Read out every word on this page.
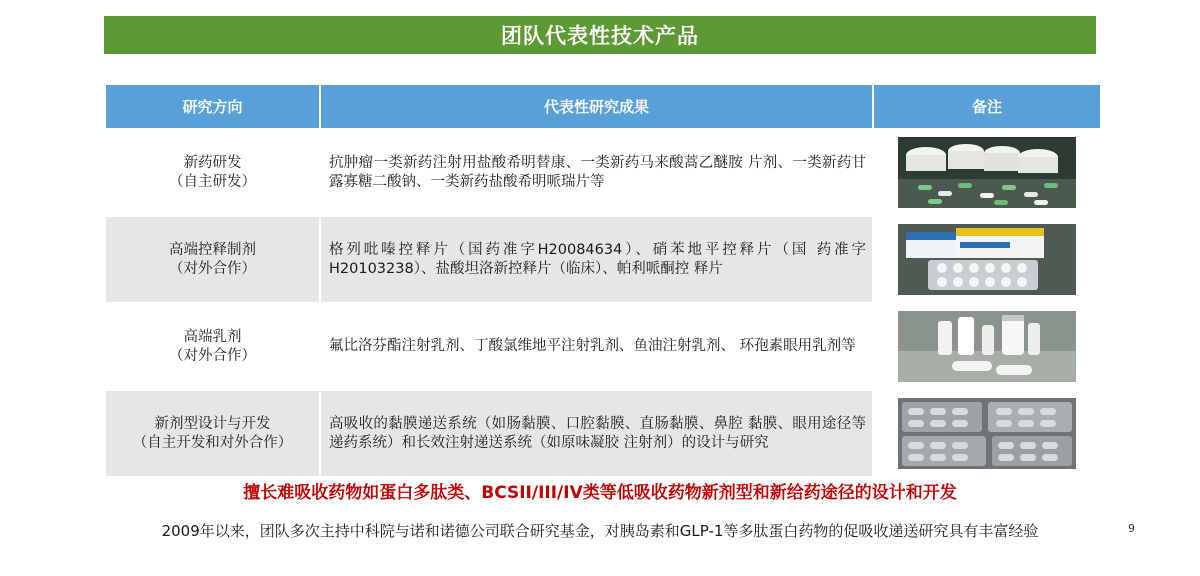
团队代表性技术产品
研究方向	代表性研究成果	备注

新药研发
（自主研发）	抗肿瘤一类新药注射用盐酸希明替康、一类新药马来酸蒿乙醚胺 片剂、一类新药甘露寡糖二酸钠、一类新药盐酸希明哌瑞片等	

高端控释制剂
（对外合作）	格列吡嗪控释片（国药准字H20084634）、硝苯地平控释片（国 药准字H20103238）、盐酸坦洛新控释片（临床）、帕利哌酮控 释片	

高端乳剂
（对外合作）	氟比洛芬酯注射乳剂、丁酸氯维地平注射乳剂、鱼油注射乳剂、 环孢素眼用乳剂等	

新剂型设计与开发
（自主开发和对外合作）	高吸收的黏膜递送系统（如肠黏膜、口腔黏膜、直肠黏膜、鼻腔 黏膜、眼用途径等递药系统）和长效注射递送系统（如原味凝胶 注射剂）的设计与研究	
擅长难吸收药物如蛋白多肽类、BCSII/III/IV类等低吸收药物新剂型和新给药途径的设计和开发
2009年以来，团队多次主持中科院与诺和诺德公司联合研究基金，对胰岛素和GLP-1等多肽蛋白药物的促吸收递送研究具有丰富经验	9
